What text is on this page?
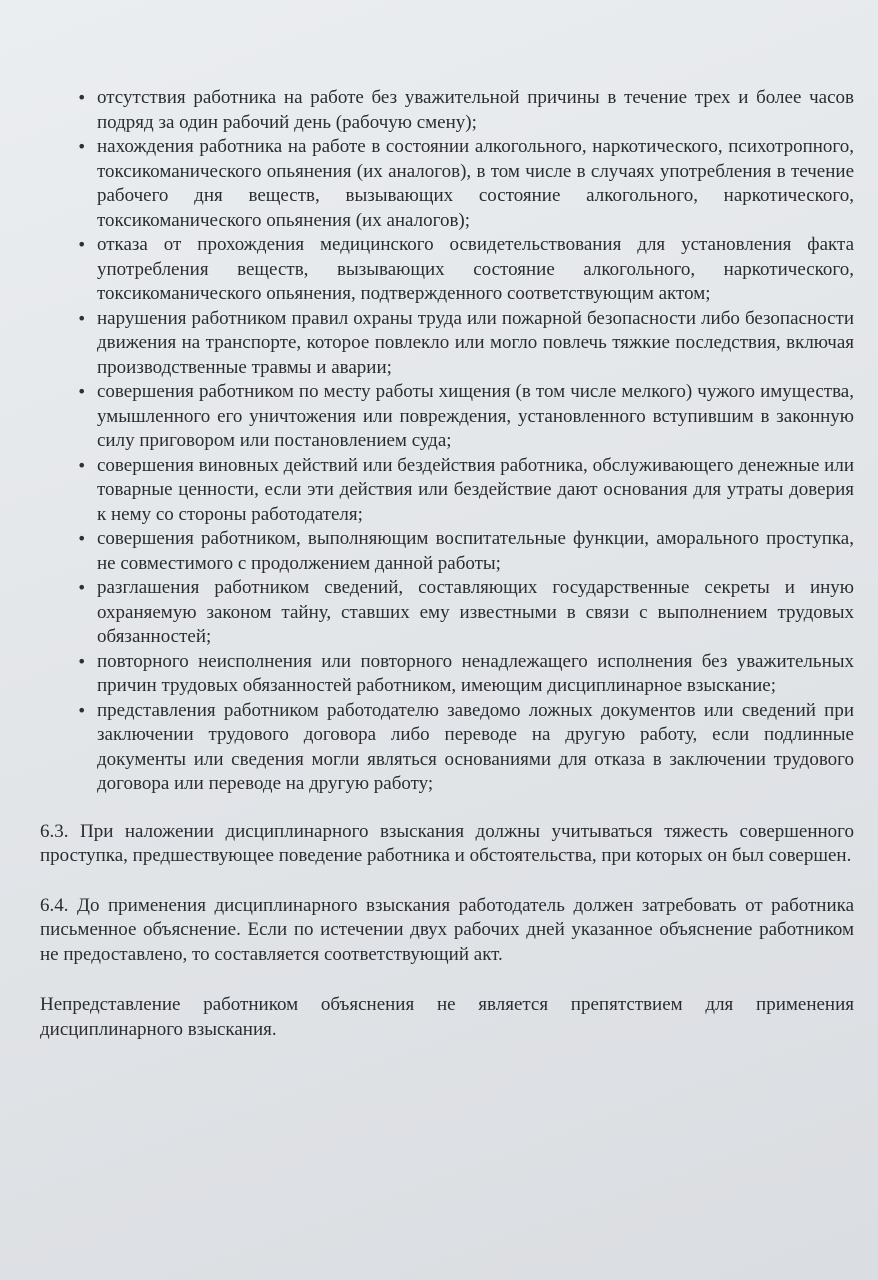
• отсутствия работника на работе без уважительной причины в течение трех и более часов подряд за один рабочий день (рабочую смену);
• нахождения работника на работе в состоянии алкогольного, наркотического, психотропного, токсикоманического опьянения (их аналогов), в том числе в случаях употребления в течение рабочего дня веществ, вызывающих состояние алкогольного, наркотического, токсикоманического опьянения (их аналогов);
• отказа от прохождения медицинского освидетельствования для установления факта употребления веществ, вызывающих состояние алкогольного, наркотического, токсикоманического опьянения, подтвержденного соответствующим актом;
• нарушения работником правил охраны труда или пожарной безопасности либо безопасности движения на транспорте, которое повлекло или могло повлечь тяжкие последствия, включая производственные травмы и аварии;
• совершения работником по месту работы хищения (в том числе мелкого) чужого имущества, умышленного его уничтожения или повреждения, установленного вступившим в законную силу приговором или постановлением суда;
• совершения виновных действий или бездействия работника, обслуживающего денежные или товарные ценности, если эти действия или бездействие дают основания для утраты доверия к нему со стороны работодателя;
• совершения работником, выполняющим воспитательные функции, аморального проступка, не совместимого с продолжением данной работы;
• разглашения работником сведений, составляющих государственные секреты и иную охраняемую законом тайну, ставших ему известными в связи с выполнением трудовых обязанностей;
• повторного неисполнения или повторного ненадлежащего исполнения без уважительных причин трудовых обязанностей работником, имеющим дисциплинарное взыскание;
• представления работником работодателю заведомо ложных документов или сведений при заключении трудового договора либо переводе на другую работу, если подлинные документы или сведения могли являться основаниями для отказа в заключении трудового договора или переводе на другую работу;

6.3. При наложении дисциплинарного взыскания должны учитываться тяжесть совершенного проступка, предшествующее поведение работника и обстоятельства, при которых он был совершен.

6.4. До применения дисциплинарного взыскания работодатель должен затребовать от работника письменное объяснение. Если по истечении двух рабочих дней указанное объяснение работником не предоставлено, то составляется соответствующий акт.

Непредставление работником объяснения не является препятствием для применения дисциплинарного взыскания.
